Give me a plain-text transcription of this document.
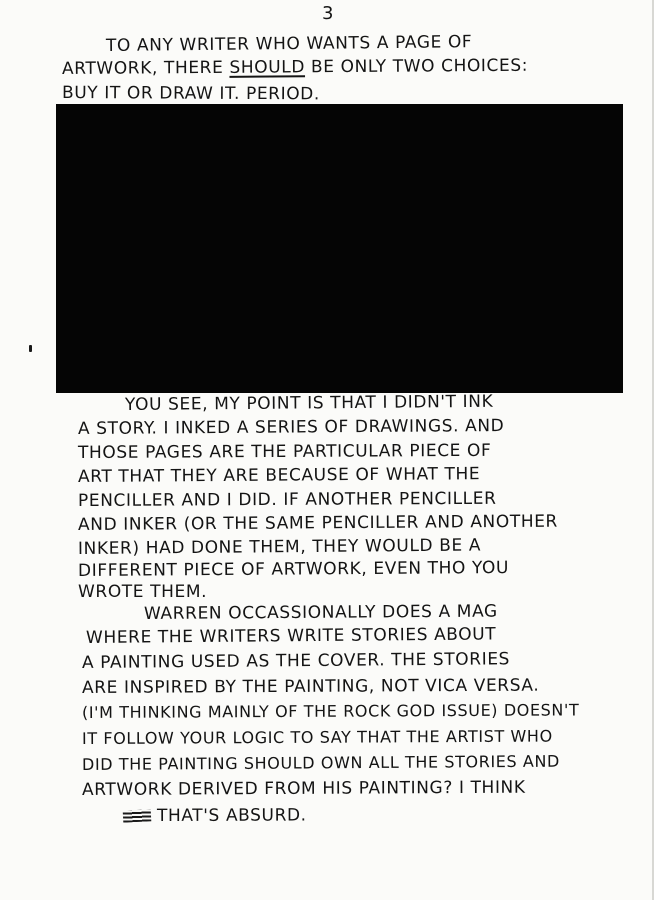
3
TO ANY WRITER WHO WANTS A PAGE OF
ARTWORK, THERE SHOULD BE ONLY TWO CHOICES:
BUY IT OR DRAW IT. PERIOD.
YOU SEE, MY POINT IS THAT I DIDN'T INK
A STORY. I INKED A SERIES OF DRAWINGS. AND
THOSE PAGES ARE THE PARTICULAR PIECE OF
ART THAT THEY ARE BECAUSE OF WHAT THE
PENCILLER AND I DID. IF ANOTHER PENCILLER
AND INKER (OR THE SAME PENCILLER AND ANOTHER
INKER) HAD DONE THEM, THEY WOULD BE A
DIFFERENT PIECE OF ARTWORK, EVEN THO YOU
WROTE THEM.
WARREN OCCASSIONALLY DOES A MAG
WHERE THE WRITERS WRITE STORIES ABOUT
A PAINTING USED AS THE COVER. THE STORIES
ARE INSPIRED BY THE PAINTING, NOT VICA VERSA.
(I'M THINKING MAINLY OF THE ROCK GOD ISSUE) DOESN'T
IT FOLLOW YOUR LOGIC TO SAY THAT THE ARTIST WHO
DID THE PAINTING SHOULD OWN ALL THE STORIES AND
ARTWORK DERIVED FROM HIS PAINTING? I THINK
THAT'S ABSURD.
